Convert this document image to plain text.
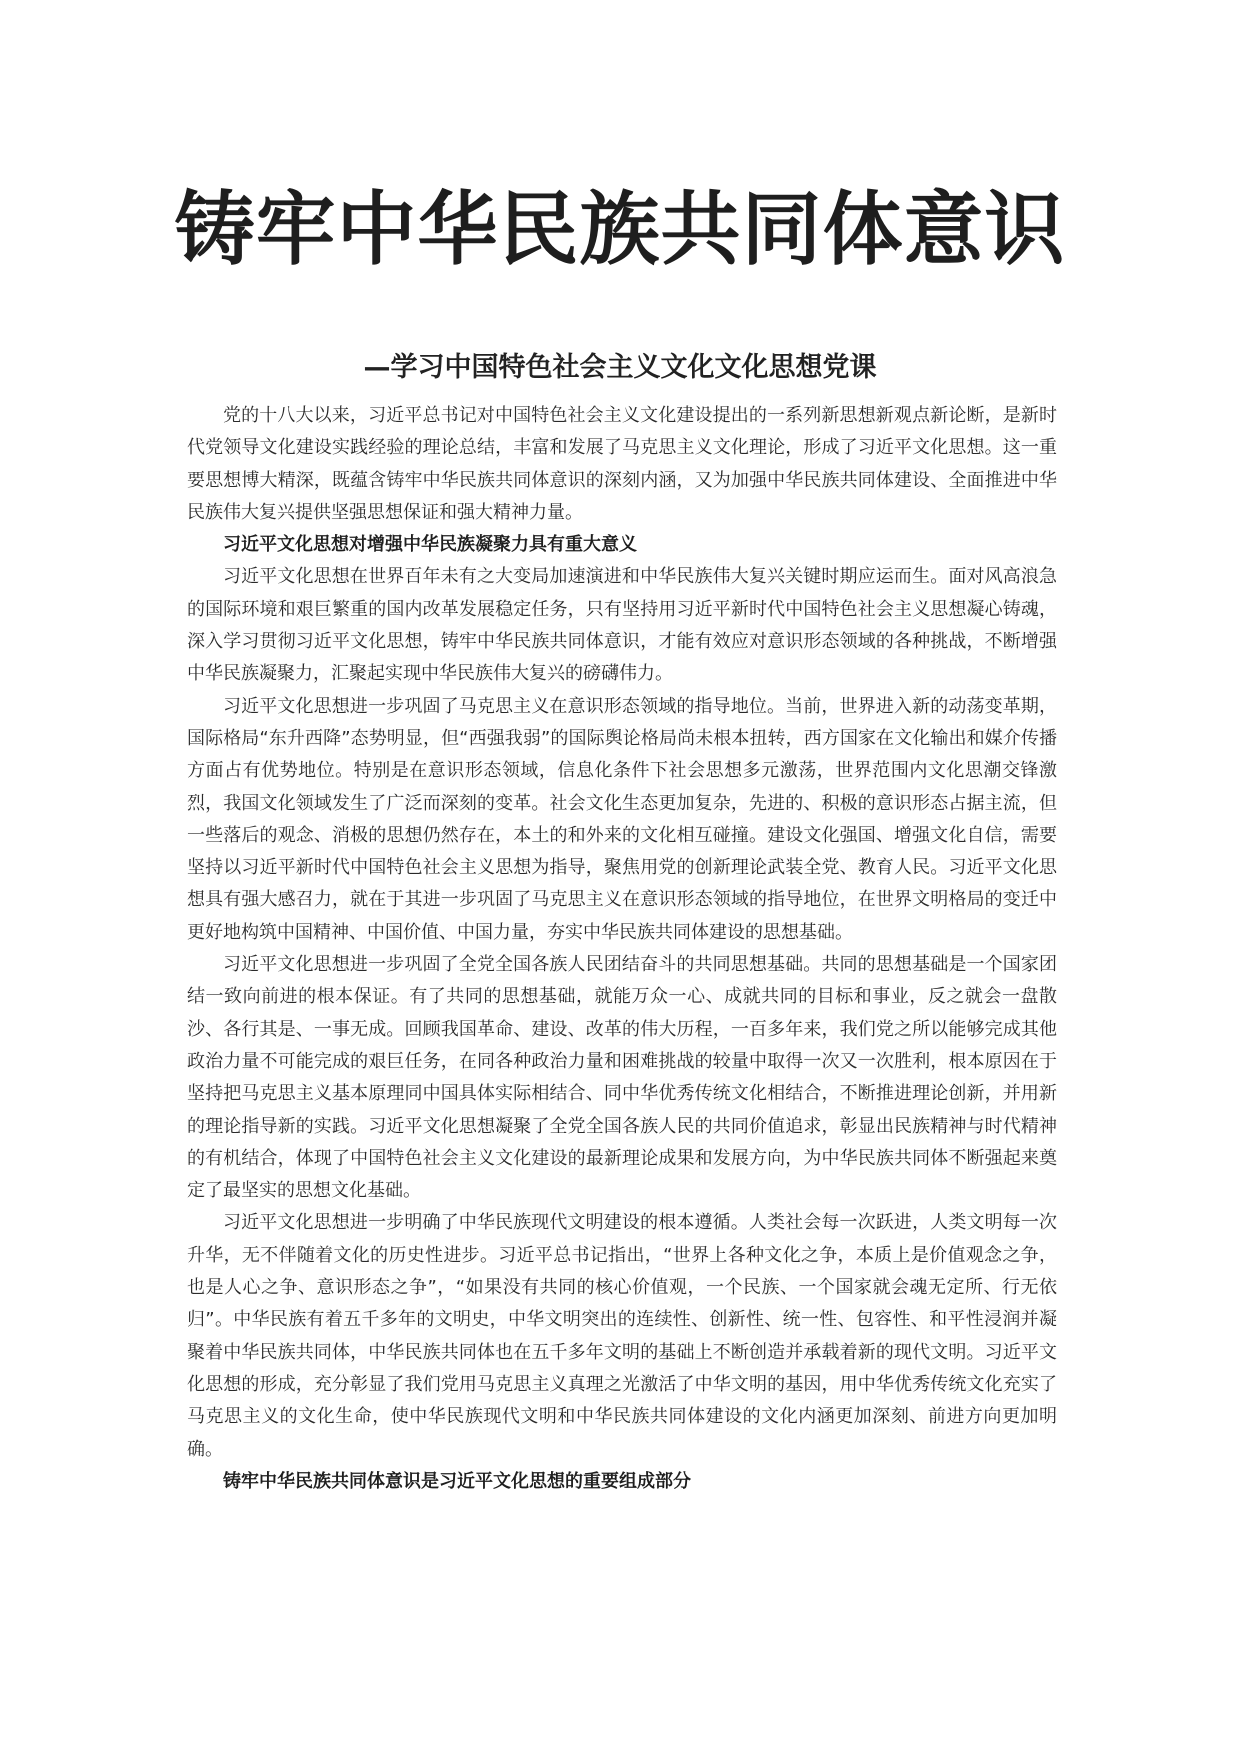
铸牢中华民族共同体意识
—学习中国特色社会主义文化文化思想党课

党的十八大以来，习近平总书记对中国特色社会主义文化建设提出的一系列新思想新观点新论断，是新时代党领导文化建设实践经验的理论总结，丰富和发展了马克思主义文化理论，形成了习近平文化思想。这一重要思想博大精深，既蕴含铸牢中华民族共同体意识的深刻内涵，又为加强中华民族共同体建设、全面推进中华民族伟大复兴提供坚强思想保证和强大精神力量。

习近平文化思想对增强中华民族凝聚力具有重大意义

习近平文化思想在世界百年未有之大变局加速演进和中华民族伟大复兴关键时期应运而生。面对风高浪急的国际环境和艰巨繁重的国内改革发展稳定任务，只有坚持用习近平新时代中国特色社会主义思想凝心铸魂，深入学习贯彻习近平文化思想，铸牢中华民族共同体意识，才能有效应对意识形态领域的各种挑战，不断增强中华民族凝聚力，汇聚起实现中华民族伟大复兴的磅礴伟力。

习近平文化思想进一步巩固了马克思主义在意识形态领域的指导地位。当前，世界进入新的动荡变革期，国际格局“东升西降”态势明显，但“西强我弱”的国际舆论格局尚未根本扭转，西方国家在文化输出和媒介传播方面占有优势地位。特别是在意识形态领域，信息化条件下社会思想多元激荡，世界范围内文化思潮交锋激烈，我国文化领域发生了广泛而深刻的变革。社会文化生态更加复杂，先进的、积极的意识形态占据主流，但一些落后的观念、消极的思想仍然存在，本土的和外来的文化相互碰撞。建设文化强国、增强文化自信，需要坚持以习近平新时代中国特色社会主义思想为指导，聚焦用党的创新理论武装全党、教育人民。习近平文化思想具有强大感召力，就在于其进一步巩固了马克思主义在意识形态领域的指导地位，在世界文明格局的变迁中更好地构筑中国精神、中国价值、中国力量，夯实中华民族共同体建设的思想基础。

习近平文化思想进一步巩固了全党全国各族人民团结奋斗的共同思想基础。共同的思想基础是一个国家团结一致向前进的根本保证。有了共同的思想基础，就能万众一心、成就共同的目标和事业，反之就会一盘散沙、各行其是、一事无成。回顾我国革命、建设、改革的伟大历程，一百多年来，我们党之所以能够完成其他政治力量不可能完成的艰巨任务，在同各种政治力量和困难挑战的较量中取得一次又一次胜利，根本原因在于坚持把马克思主义基本原理同中国具体实际相结合、同中华优秀传统文化相结合，不断推进理论创新，并用新的理论指导新的实践。习近平文化思想凝聚了全党全国各族人民的共同价值追求，彰显出民族精神与时代精神的有机结合，体现了中国特色社会主义文化建设的最新理论成果和发展方向，为中华民族共同体不断强起来奠定了最坚实的思想文化基础。

习近平文化思想进一步明确了中华民族现代文明建设的根本遵循。人类社会每一次跃进，人类文明每一次升华，无不伴随着文化的历史性进步。习近平总书记指出，“世界上各种文化之争，本质上是价值观念之争，也是人心之争、意识形态之争”，“如果没有共同的核心价值观，一个民族、一个国家就会魂无定所、行无依归”。中华民族有着五千多年的文明史，中华文明突出的连续性、创新性、统一性、包容性、和平性浸润并凝聚着中华民族共同体，中华民族共同体也在五千多年文明的基础上不断创造并承载着新的现代文明。习近平文化思想的形成，充分彰显了我们党用马克思主义真理之光激活了中华文明的基因，用中华优秀传统文化充实了马克思主义的文化生命，使中华民族现代文明和中华民族共同体建设的文化内涵更加深刻、前进方向更加明确。

铸牢中华民族共同体意识是习近平文化思想的重要组成部分
